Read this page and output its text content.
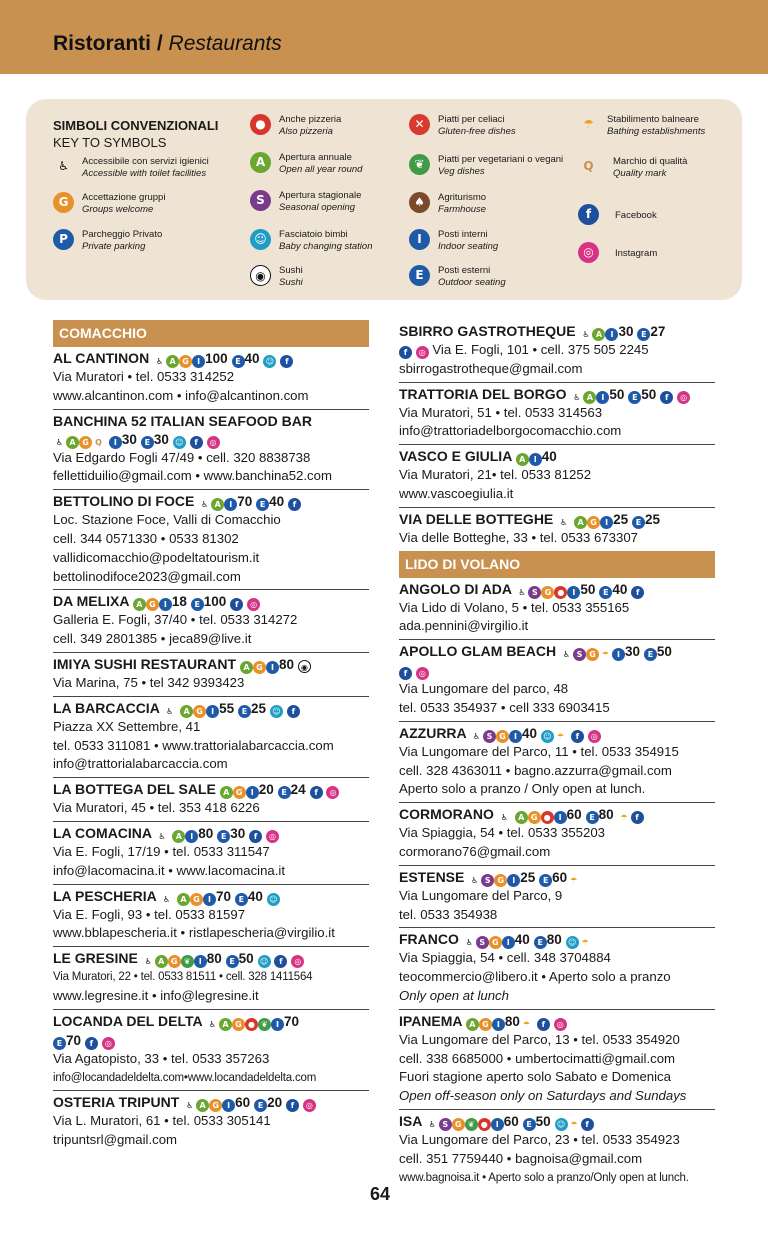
Ristoranti / Restaurants
SIMBOLI CONVENZIONALI
KEY TO SYMBOLS
♿	Accessibile con servizi igienici
Accessible with toilet facilities
G	Accettazione gruppi
Groups welcome
P	Parcheggio Privato
Private parking
●	Anche pizzeria
Also pizzeria
A	Apertura annuale
Open all year round
S	Apertura stagionale
Seasonal opening
☺	Fasciatoio bimbi
Baby changing station
◉	Sushi
Sushi
✕	Piatti per celiaci
Gluten-free dishes
❦	Piatti per vegetariani o vegani
Veg dishes
♠	Agriturismo
Farmhouse
I	Posti interni
Indoor seating
E	Posti esterni
Outdoor seating
☂	Stabilimento balneare
Bathing establishments
Q	Marchio di qualità
Quality mark
f	Facebook
◎	Instagram
COMACCHIO
AL CANTINON ♿ A G I 100 E 40 ☺ f
Via Muratori • tel. 0533 314252
www.alcantinon.com • info@alcantinon.com
BANCHINA 52 ITALIAN SEAFOOD BAR
♿ A G Q I 30 E 30 ☺ f ◎
Via Edgardo Fogli 47/49 • cell. 320 8838738
fellettiduilio@gmail.com • www.banchina52.com
BETTOLINO DI FOCE ♿ A I 70 E 40 f
Loc. Stazione Foce, Valli di Comacchio
cell. 344 0571330 • 0533 81302
vallidicomacchio@podeltatourism.it
bettolinodifoce2023@gmail.com
DA MELIXA A G I 18 E 100 f ◎
Galleria E. Fogli, 37/40 • tel. 0533 314272
cell. 349 2801385 • jeca89@live.it
IMIYA SUSHI RESTAURANT A G I 80 ◉
Via Marina, 75 • tel 342 9393423
LA BARCACCIA ♿ A G I 55 E 25 ☺ f
Piazza XX Settembre, 41
tel. 0533 311081 • www.trattorialabarcaccia.com
info@trattorialabarcaccia.com
LA BOTTEGA DEL SALE A G I 20 E 24 f ◎
Via Muratori, 45 • tel. 353 418 6226
LA COMACINA ♿ A I 80 E 30 f ◎
Via E. Fogli, 17/19 • tel. 0533 311547
info@lacomacina.it • www.lacomacina.it
LA PESCHERIA ♿ A G I 70 E 40 ☺
Via E. Fogli, 93 • tel. 0533 81597
www.bblapescheria.it • ristlapescheria@virgilio.it
LE GRESINE ♿ A G ❦ I 80 E 50 ☺ f ◎
Via Muratori, 22 • tel. 0533 81511 • cell. 328 1411564
www.legresine.it • info@legresine.it
LOCANDA DEL DELTA ♿ A G ● ❦ I 70
E 70 f ◎
Via Agatopisto, 33 • tel. 0533 357263
info@locandadeldelta.com•www.locandadeldelta.com
OSTERIA TRIPUNT ♿ A G I 60 E 20 f ◎
Via L. Muratori, 61 • tel. 0533 305141
tripuntsrl@gmail.com
SBIRRO GASTROTHEQUE ♿ A I 30 E 27
f ◎ Via E. Fogli, 101 • cell. 375 505 2245
sbirrogastrotheque@gmail.com
TRATTORIA DEL BORGO ♿ A I 50 E 50 f ◎
Via Muratori, 51 • tel. 0533 314563
info@trattoriadelborgocomacchio.com
VASCO E GIULIA A I 40
Via Muratori, 21• tel. 0533 81252
www.vascoegiulia.it
VIA DELLE BOTTEGHE ♿ A G I 25 E 25
Via delle Botteghe, 33 • tel. 0533 673307
LIDO DI VOLANO
ANGOLO DI ADA ♿ S G ● I 50 E 40 f
Via Lido di Volano, 5 • tel. 0533 355165
ada.pennini@virgilio.it
APOLLO GLAM BEACH ♿ S G ☂ I 30 E 50
f ◎
Via Lungomare del parco, 48
tel. 0533 354937 • cell 333 6903415
AZZURRA ♿ S G I 40 ☺ ☂ f ◎
Via Lungomare del Parco, 11 • tel. 0533 354915
cell. 328 4363011 • bagno.azzurra@gmail.com
Aperto solo a pranzo / Only open at lunch.
CORMORANO ♿ A G ● I 60 E 80 ☂ f
Via Spiaggia, 54 • tel. 0533 355203
cormorano76@gmail.com
ESTENSE ♿ S G I 25 E 60 ☂
Via Lungomare del Parco, 9
tel. 0533 354938
FRANCO ♿ S G I 40 E 80 ☺ ☂
Via Spiaggia, 54 • cell. 348 3704884
teocommercio@libero.it • Aperto solo a pranzo
Only open at lunch
IPANEMA A G I 80 ☂ f ◎
Via Lungomare del Parco, 13 • tel. 0533 354920
cell. 338 6685000 • umbertocimatti@gmail.com
Fuori stagione aperto solo Sabato e Domenica
Open off-season only on Saturdays and Sundays
ISA ♿ S G ❦ ● I 60 E 50 ☺ ☂ f
Via Lungomare del Parco, 23 • tel. 0533 354923
cell. 351 7759440 • bagnoisa@gmail.com
www.bagnoisa.it • Aperto solo a pranzo/Only open at lunch.
64
